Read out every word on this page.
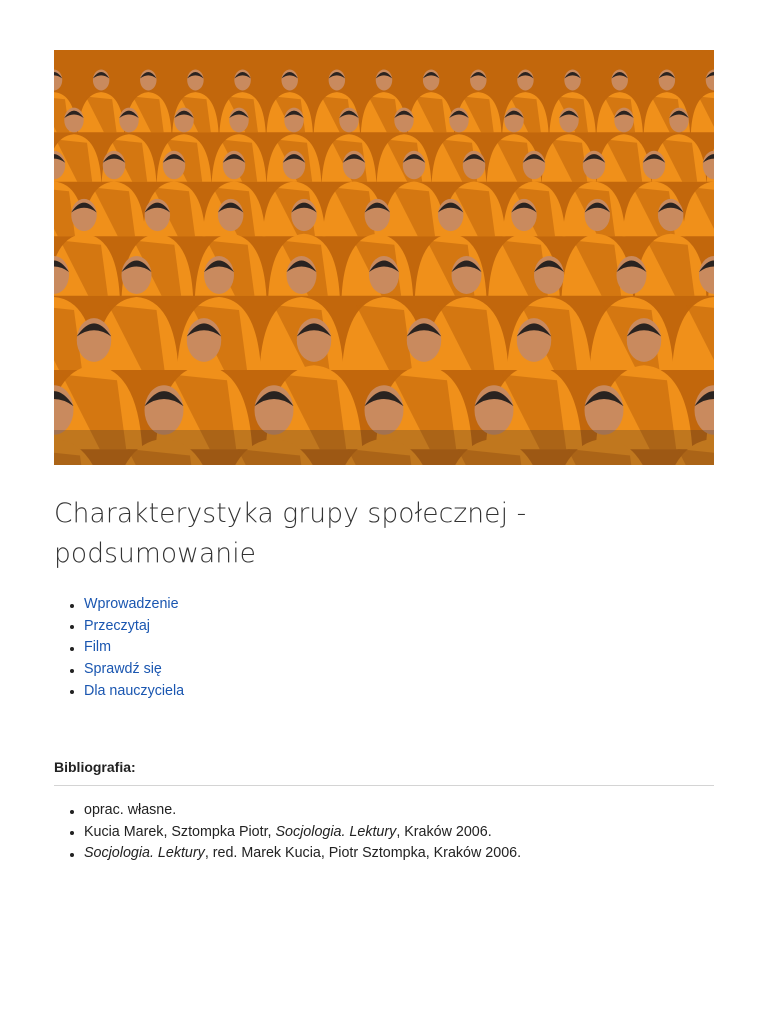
Charakterystyka grupy społecznej - podsumowanie
Wprowadzenie
Przeczytaj
Film
Sprawdź się
Dla nauczyciela
Bibliografia:
oprac. własne.
Kucia Marek, Sztompka Piotr, Socjologia. Lektury, Kraków 2006.
Socjologia. Lektury, red. Marek Kucia, Piotr Sztompka, Kraków 2006.
